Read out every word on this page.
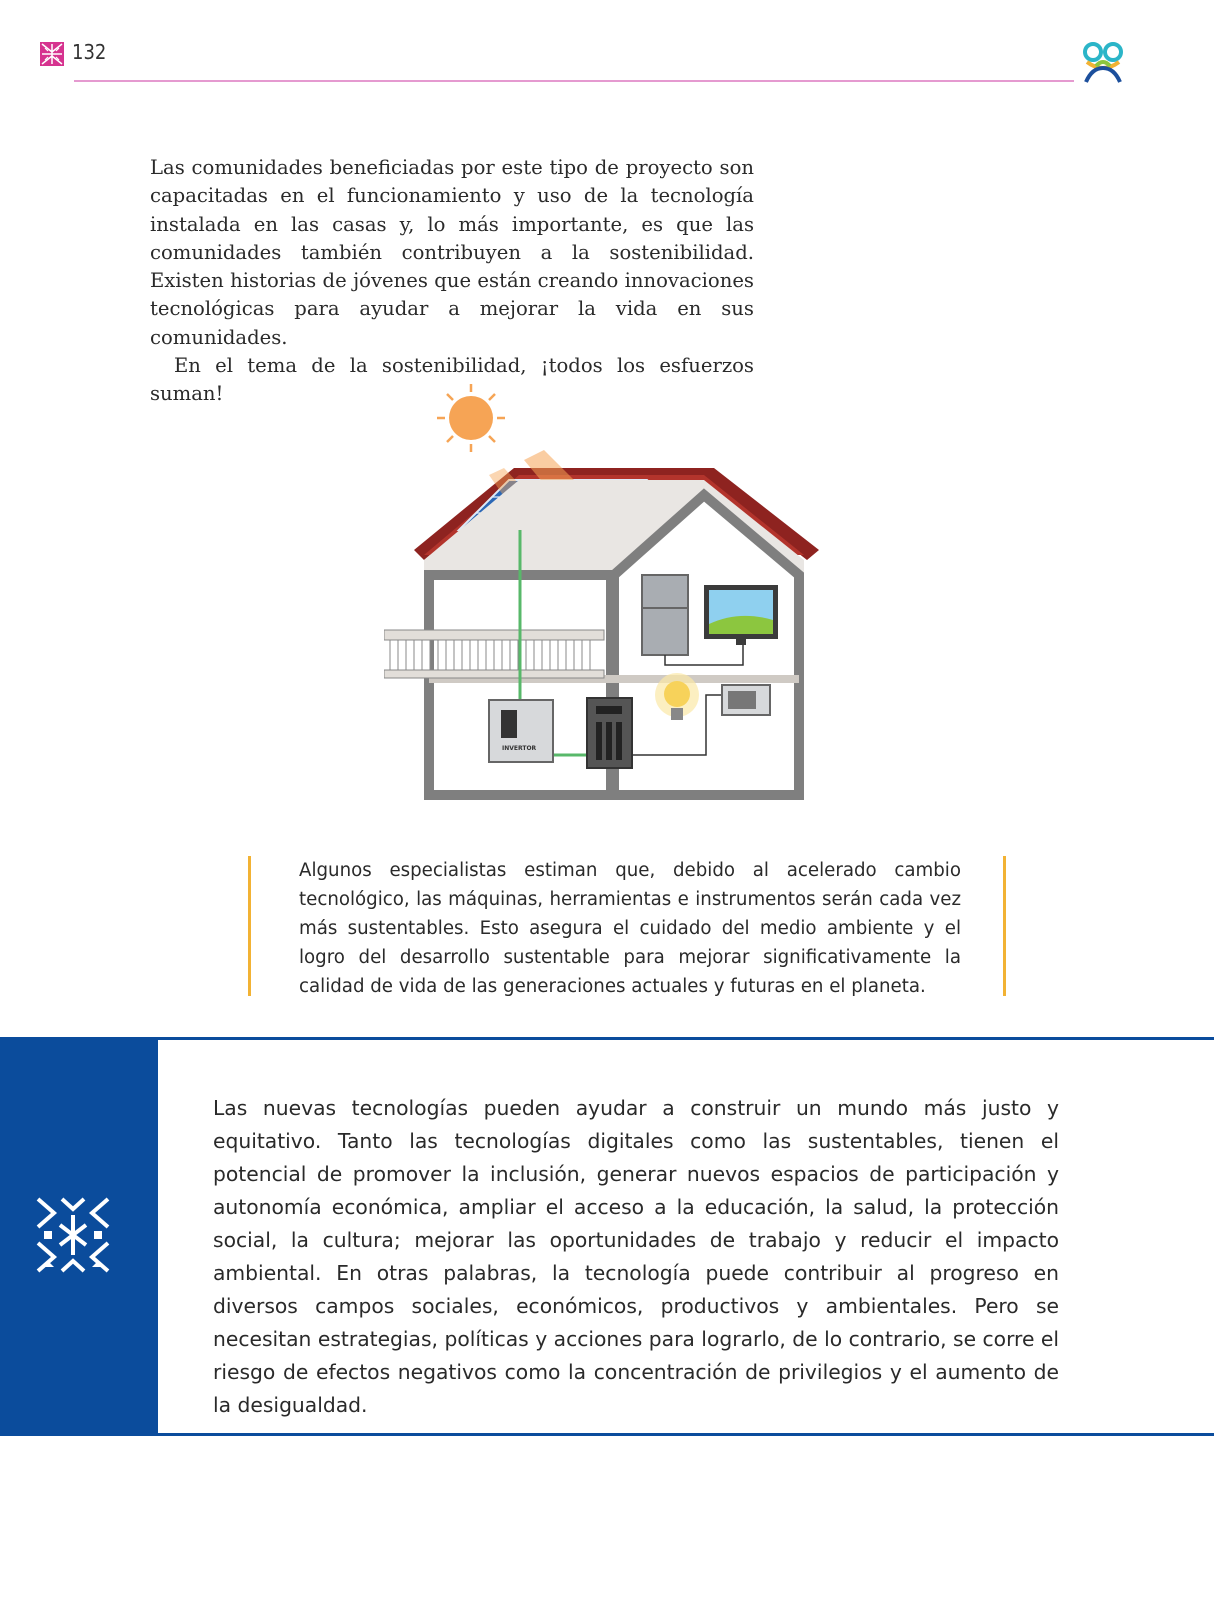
132

Las comunidades beneficiadas por este tipo de proyecto son capacitadas en el funcionamiento y uso de la tecnología instalada en las casas y, lo más importante, es que las comunidades también contribuyen a la sostenibilidad. Existen historias de jóvenes que están creando innovaciones tecnológicas para ayudar a mejorar la vida en sus comunidades.

En el tema de la sostenibilidad, ¡todos los esfuerzos suman!

INVERTOR
Algunos especialistas estiman que, debido al acelerado cambio tecnológico, las máquinas, herramientas e instrumentos serán cada vez más sustentables. Esto asegura el cuidado del medio ambiente y el logro del desarrollo sustentable para mejorar significativamente la calidad de vida de las generaciones actuales y futuras en el planeta.

Las nuevas tecnologías pueden ayudar a construir un mundo más justo y equitativo. Tanto las tecnologías digitales como las sustentables, tienen el potencial de promover la inclusión, generar nuevos espacios de participación y autonomía económica, ampliar el acceso a la educación, la salud, la protección social, la cultura; mejorar las oportunidades de trabajo y reducir el impacto ambiental. En otras palabras, la tecnología puede contribuir al progreso en diversos campos sociales, económicos, productivos y ambientales. Pero se necesitan estrategias, políticas y acciones para lograrlo, de lo contrario, se corre el riesgo de efectos negativos como la concentración de privilegios y el aumento de la desigualdad.
